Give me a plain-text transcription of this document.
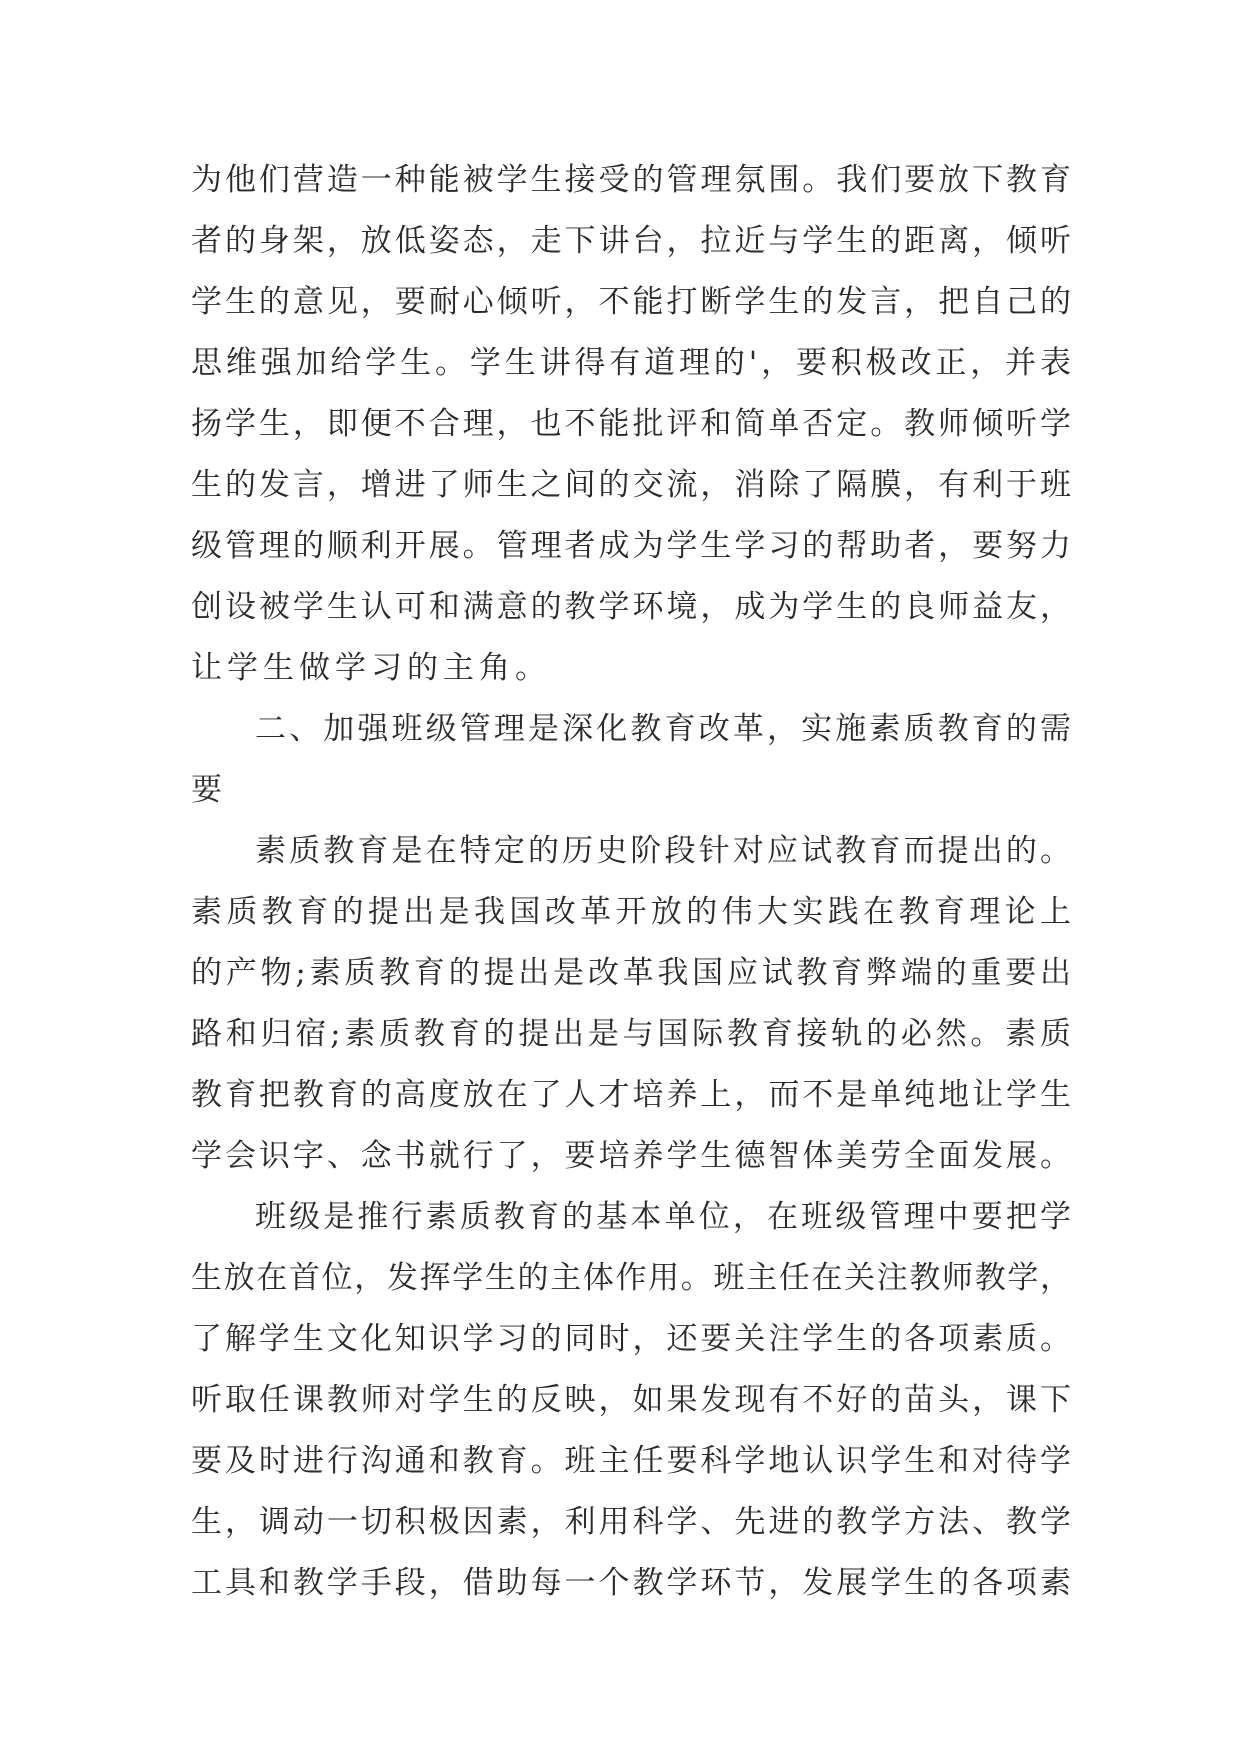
为他们营造一种能被学生接受的管理氛围。我们要放下教育
者的身架，放低姿态，走下讲台，拉近与学生的距离，倾听
学生的意见，要耐心倾听，不能打断学生的发言，把自己的
思维强加给学生。学生讲得有道理的'，要积极改正，并表
扬学生，即便不合理，也不能批评和简单否定。教师倾听学
生的发言，增进了师生之间的交流，消除了隔膜，有利于班
级管理的顺利开展。管理者成为学生学习的帮助者，要努力
创设被学生认可和满意的教学环境，成为学生的良师益友，
让学生做学习的主角。
二、加强班级管理是深化教育改革，实施素质教育的需
要
素质教育是在特定的历史阶段针对应试教育而提出的。
素质教育的提出是我国改革开放的伟大实践在教育理论上
的产物;素质教育的提出是改革我国应试教育弊端的重要出
路和归宿;素质教育的提出是与国际教育接轨的必然。素质
教育把教育的高度放在了人才培养上，而不是单纯地让学生
学会识字、念书就行了，要培养学生德智体美劳全面发展。
班级是推行素质教育的基本单位，在班级管理中要把学
生放在首位，发挥学生的主体作用。班主任在关注教师教学，
了解学生文化知识学习的同时，还要关注学生的各项素质。
听取任课教师对学生的反映，如果发现有不好的苗头，课下
要及时进行沟通和教育。班主任要科学地认识学生和对待学
生，调动一切积极因素，利用科学、先进的教学方法、教学
工具和教学手段，借助每一个教学环节，发展学生的各项素
